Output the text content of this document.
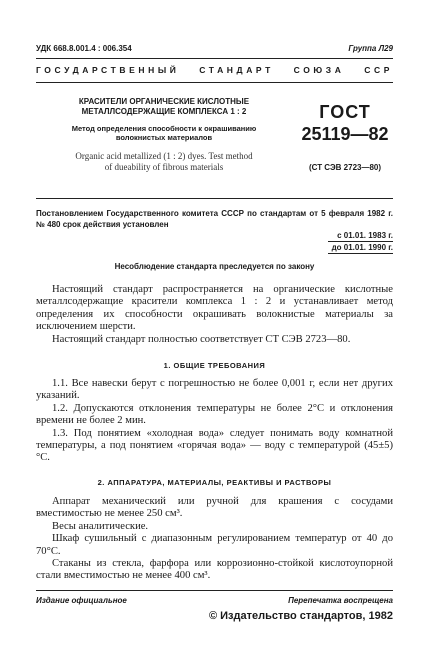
УДК 668.8.001.4 : 006.354	Группа Л29
ГОСУДАРСТВЕННЫЙ СТАНДАРТ СОЮЗА ССР
КРАСИТЕЛИ ОРГАНИЧЕСКИЕ КИСЛОТНЫЕ
МЕТАЛЛСОДЕРЖАЩИЕ КОМПЛЕКСА 1 : 2
Метод определения способности к окрашиванию
волокнистых материалов
Organic acid metallized (1 : 2) dyes. Test method
of dueability of fibrous materials
ГОСТ
25119—82
(СТ СЭВ 2723—80)
Постановлением Государственного комитета СССР по стандартам от 5 февраля 1982 г. № 480 срок действия установлен
с 01.01. 1983 г.
до 01.01. 1990 г.
Несоблюдение стандарта преследуется по закону

Настоящий стандарт распространяется на органические кислотные металлсодержащие красители комплекса 1 : 2 и устанавливает метод определения их способности окрашивать волокнистые материалы за исключением шерсти.

Настоящий стандарт полностью соответствует СТ СЭВ 2723—80.

1. ОБЩИЕ ТРЕБОВАНИЯ

1.1. Все навески берут с погрешностью не более 0,001 г, если нет других указаний.

1.2. Допускаются отклонения температуры не более 2°С и отклонения времени не более 2 мин.

1.3. Под понятием «холодная вода» следует понимать воду комнатной температуры, а под понятием «горячая вода» — воду с температурой (45±5)°С.

2. АППАРАТУРА, МАТЕРИАЛЫ, РЕАКТИВЫ И РАСТВОРЫ

Аппарат механический или ручной для крашения с сосудами вместимостью не менее 250 см³.

Весы аналитические.

Шкаф сушильный с диапазонным регулированием температур от 40 до 70°С.

Стаканы из стекла, фарфора или коррозионно-стойкой кислотоупорной стали вместимостью не менее 400 см³.

Издание официальное	Перепечатка воспрещена
© Издательство стандартов, 1982
